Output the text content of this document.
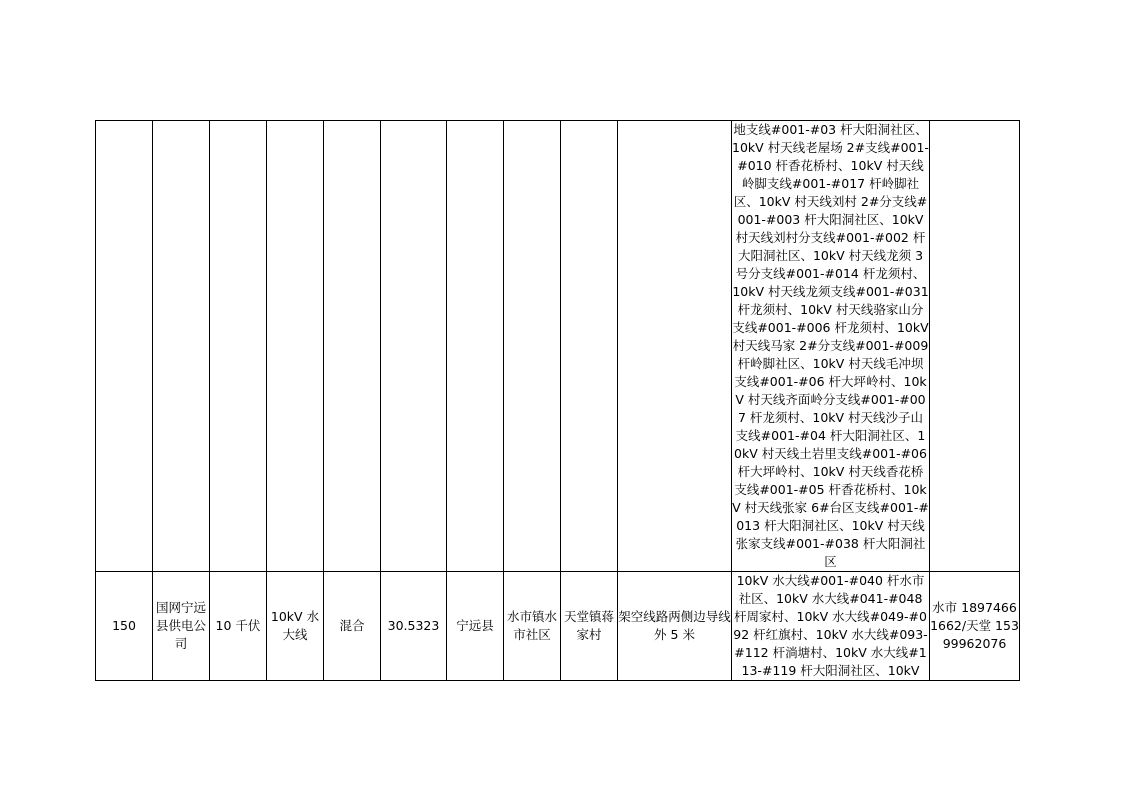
										地支线#001-#03 杆大阳洞社区、10kV 村天线老屋场 2#支线#001-#010 杆香花桥村、10kV 村天线岭脚支线#001-#017 杆岭脚社区、10kV 村天线刘村 2#分支线#001-#003 杆大阳洞社区、10kV 村天线刘村分支线#001-#002 杆大阳洞社区、10kV 村天线龙须 3 号分支线#001-#014 杆龙须村、10kV 村天线龙须支线#001-#031 杆龙须村、10kV 村天线骆家山分支线#001-#006 杆龙须村、10kV 村天线马家 2#分支线#001-#009 杆岭脚社区、10kV 村天线毛冲坝支线#001-#06 杆大坪岭村、10kV 村天线齐面岭分支线#001-#007 杆龙须村、10kV 村天线沙子山支线#001-#04 杆大阳洞社区、10kV 村天线土岩里支线#001-#06 杆大坪岭村、10kV 村天线香花桥支线#001-#05 杆香花桥村、10kV 村天线张家 6#台区支线#001-#013 杆大阳洞社区、10kV 村天线张家支线#001-#038 杆大阳洞社区	
150	国网宁远县供电公司	10 千伏	10kV 水大线	混合	30.5323	宁远县	水市镇水市社区	天堂镇蒋家村	架空线路两侧边导线外 5 米	10kV 水大线#001-#040 杆水市社区、10kV 水大线#041-#048 杆周家村、10kV 水大线#049-#092 杆红旗村、10kV 水大线#093-#112 杆淌塘村、10kV 水大线#113-#119 杆大阳洞社区、10kV	水市 18974661662/天堂 15399962076
